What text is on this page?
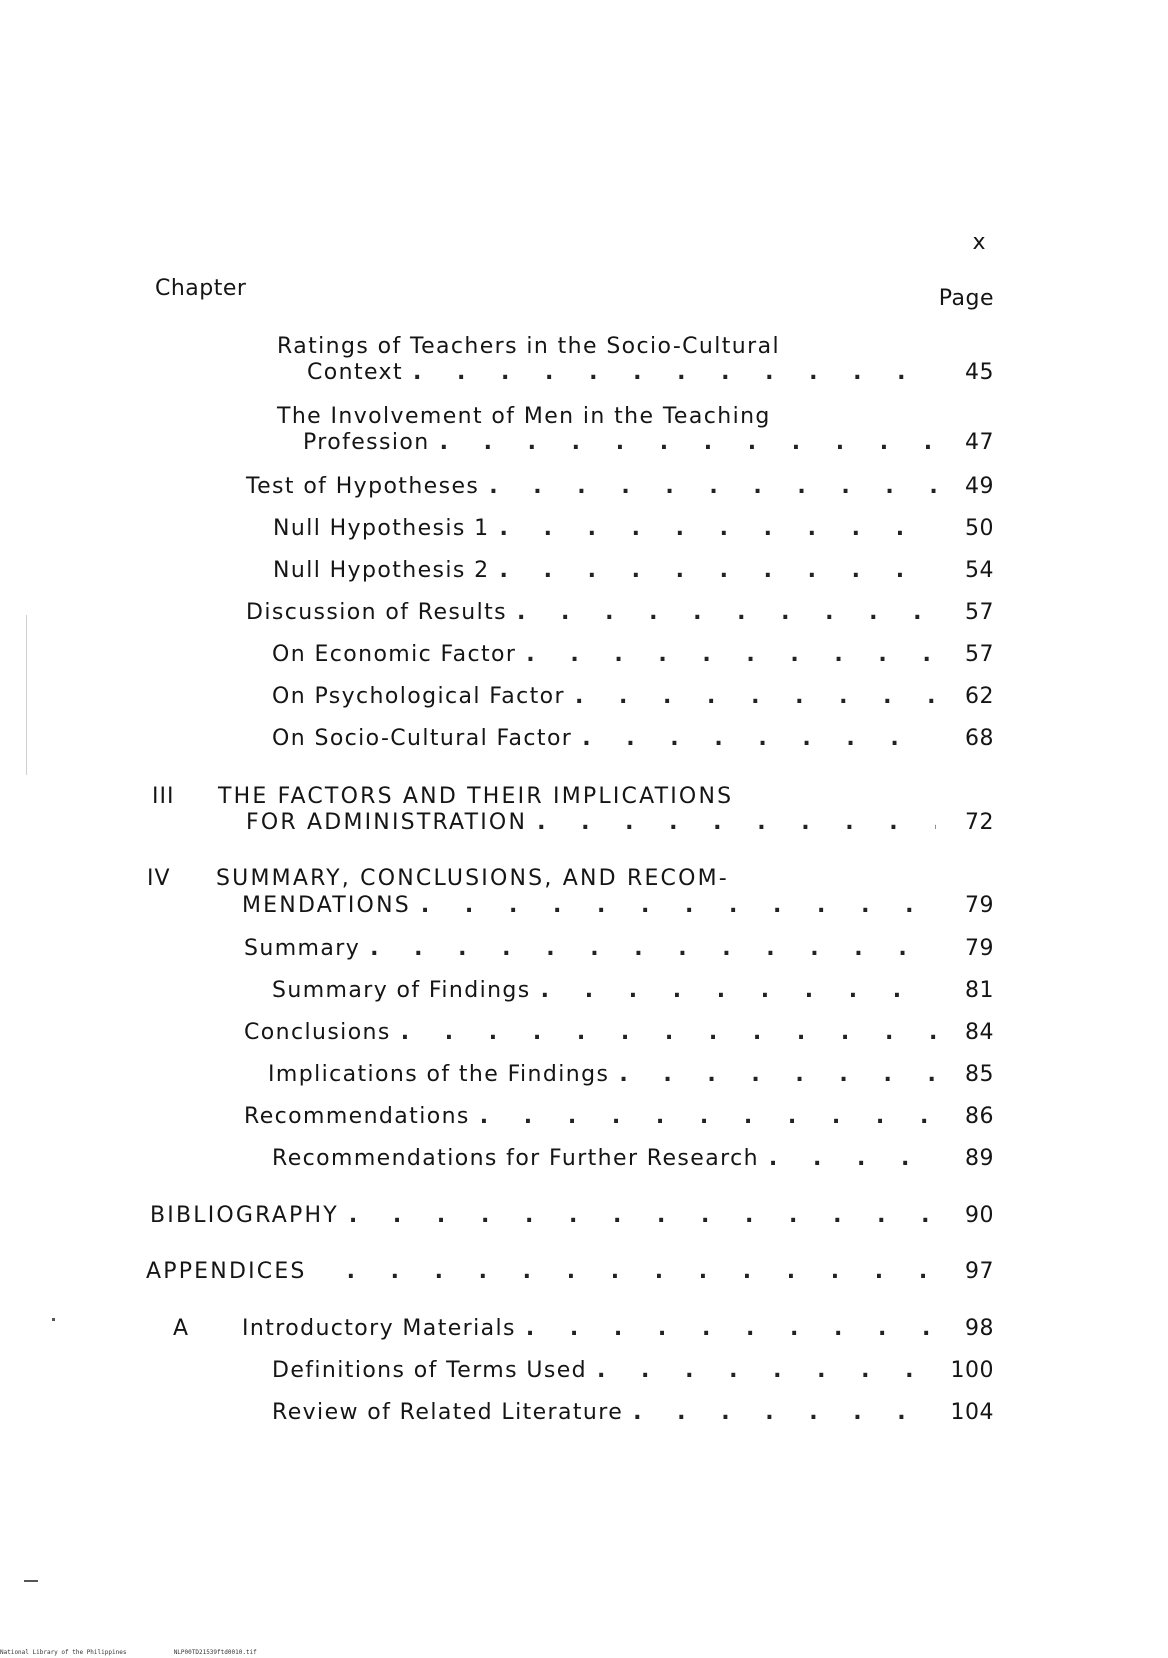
x
Chapter	Page
Ratings of Teachers in the Socio-Cultural
Context . . .	45
The Involvement of Men in the Teaching
Profession . . .	47
Test of Hypotheses . . .	49
Null Hypothesis 1 . . .	50
Null Hypothesis 2 . . .	54
Discussion of Results . . .	57
On Economic Factor . . .	57
On Psychological Factor . . .	62
On Socio-Cultural Factor . . .	68
III THE FACTORS AND THEIR IMPLICATIONS
FOR ADMINISTRATION . . .	72
IV SUMMARY, CONCLUSIONS, AND RECOM-
MENDATIONS . . .	79
Summary . . .	79
Summary of Findings . . .	81
Conclusions . . .	84
Implications of the Findings . . .	85
Recommendations . . .	86
Recommendations for Further Research . . .	89
BIBLIOGRAPHY . . .	90
APPENDICES . . .	97
A Introductory Materials . . .	98
Definitions of Terms Used . . .	100
Review of Related Literature . . .	104
National Library of the Philippines	NLP00TD21539ftd0010.tif
